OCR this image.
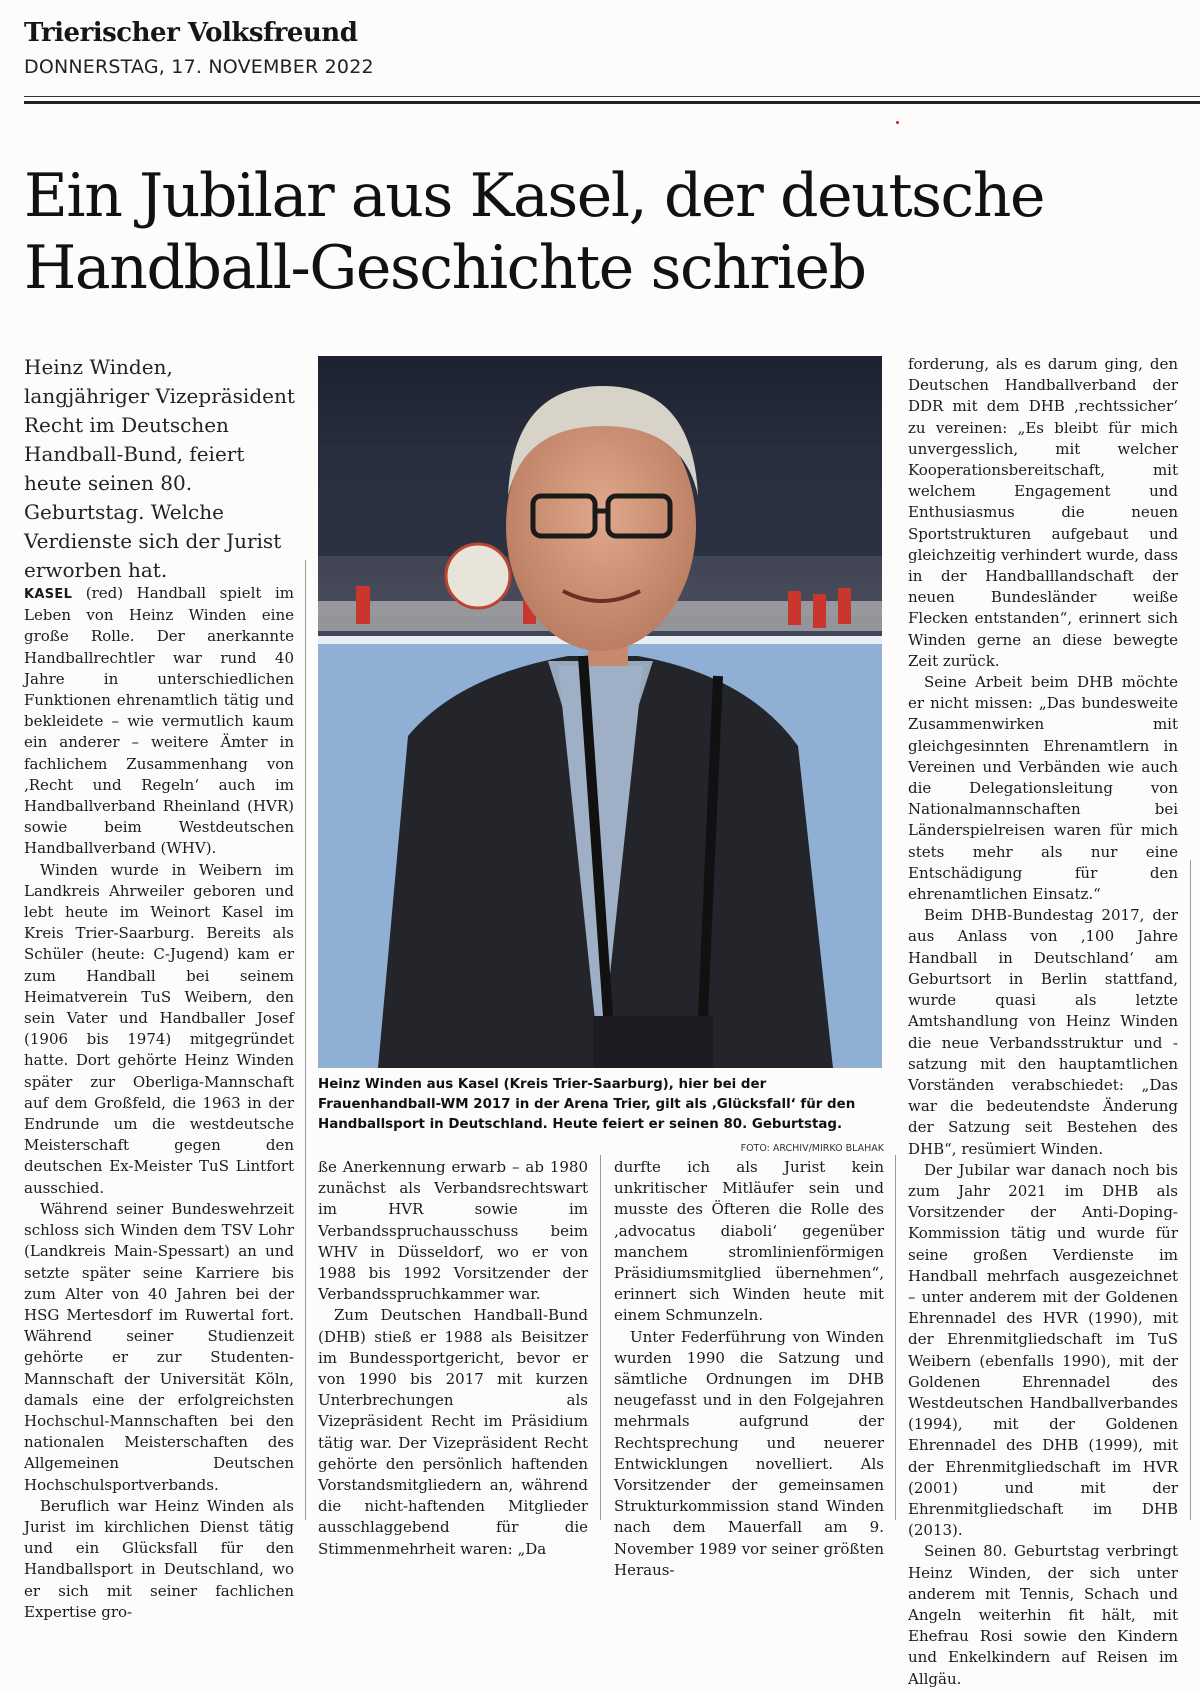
Trierischer Volksfreund
DONNERSTAG, 17. NOVEMBER 2022
Ein Jubilar aus Kasel, der deutsche Handball-Geschichte schrieb

Heinz Winden, langjähriger Vizepräsident Recht im Deutschen Handball-Bund, feiert heute seinen 80. Geburtstag. Welche Verdienste sich der Jurist erworben hat.

KASEL (red) Handball spielt im Leben von Heinz Winden eine große Rolle. Der anerkannte Handballrechtler war rund 40 Jahre in unterschiedlichen Funktionen ehrenamtlich tätig und bekleidete – wie vermutlich kaum ein anderer – weitere Ämter in fachlichem Zusammenhang von ‚Recht und Regeln‘ auch im Handballverband Rheinland (HVR) sowie beim Westdeutschen Handballverband (WHV).

Winden wurde in Weibern im Landkreis Ahrweiler geboren und lebt heute im Weinort Kasel im Kreis Trier-Saarburg. Bereits als Schüler (heute: C-Jugend) kam er zum Handball bei seinem Heimatverein TuS Weibern, den sein Vater und Handballer Josef (1906 bis 1974) mitgegründet hatte. Dort gehörte Heinz Winden später zur Oberliga-Mannschaft auf dem Großfeld, die 1963 in der Endrunde um die westdeutsche Meisterschaft gegen den deutschen Ex-Meister TuS Lintfort ausschied.

Während seiner Bundeswehrzeit schloss sich Winden dem TSV Lohr (Landkreis Main-Spessart) an und setzte später seine Karriere bis zum Alter von 40 Jahren bei der HSG Mertesdorf im Ruwertal fort. Während seiner Studienzeit gehörte er zur Studenten-Mannschaft der Universität Köln, damals eine der erfolgreichsten Hochschul-Mannschaften bei den nationalen Meisterschaften des Allgemeinen Deutschen Hochschulsportverbands.

Beruflich war Heinz Winden als Jurist im kirchlichen Dienst tätig und ein Glücksfall für den Handballsport in Deutschland, wo er sich mit seiner fachlichen Expertise gro-

Heinz Winden aus Kasel (Kreis Trier-Saarburg), hier bei der Frauenhandball-WM 2017 in der Arena Trier, gilt als ‚Glücksfall‘ für den Handballsport in Deutschland. Heute feiert er seinen 80. Geburtstag.
FOTO: ARCHIV/MIRKO BLAHAK

ße Anerkennung erwarb – ab 1980 zunächst als Verbandsrechtswart im HVR sowie im Verbandsspruchausschuss beim WHV in Düsseldorf, wo er von 1988 bis 1992 Vorsitzender der Verbandsspruchkammer war.

Zum Deutschen Handball-Bund (DHB) stieß er 1988 als Beisitzer im Bundessportgericht, bevor er von 1990 bis 2017 mit kurzen Unterbrechungen als Vizepräsident Recht im Präsidium tätig war. Der Vizepräsident Recht gehörte den persönlich haftenden Vorstandsmitgliedern an, während die nicht-haftenden Mitglieder ausschlaggebend für die Stimmenmehrheit waren: „Da

durfte ich als Jurist kein unkritischer Mitläufer sein und musste des Öfteren die Rolle des ‚advocatus diaboli‘ gegenüber manchem stromlinienförmigen Präsidiumsmitglied übernehmen“, erinnert sich Winden heute mit einem Schmunzeln.

Unter Federführung von Winden wurden 1990 die Satzung und sämtliche Ordnungen im DHB neugefasst und in den Folgejahren mehrmals aufgrund der Rechtsprechung und neuerer Entwicklungen novelliert. Als Vorsitzender der gemeinsamen Strukturkommission stand Winden nach dem Mauerfall am 9. November 1989 vor seiner größten Heraus-

forderung, als es darum ging, den Deutschen Handballverband der DDR mit dem DHB ‚rechtssicher‘ zu vereinen: „Es bleibt für mich unvergesslich, mit welcher Kooperationsbereitschaft, mit welchem Engagement und Enthusiasmus die neuen Sportstrukturen aufgebaut und gleichzeitig verhindert wurde, dass in der Handballlandschaft der neuen Bundesländer weiße Flecken entstanden“, erinnert sich Winden gerne an diese bewegte Zeit zurück.

Seine Arbeit beim DHB möchte er nicht missen: „Das bundesweite Zusammenwirken mit gleichgesinnten Ehrenamtlern in Vereinen und Verbänden wie auch die Delegationsleitung von Nationalmannschaften bei Länderspielreisen waren für mich stets mehr als nur eine Entschädigung für den ehrenamtlichen Einsatz.“

Beim DHB-Bundestag 2017, der aus Anlass von ‚100 Jahre Handball in Deutschland‘ am Geburtsort in Berlin stattfand, wurde quasi als letzte Amtshandlung von Heinz Winden die neue Verbandsstruktur und -satzung mit den hauptamtlichen Vorständen verabschiedet: „Das war die bedeutendste Änderung der Satzung seit Bestehen des DHB“, resümiert Winden.

Der Jubilar war danach noch bis zum Jahr 2021 im DHB als Vorsitzender der Anti-Doping-Kommission tätig und wurde für seine großen Verdienste im Handball mehrfach ausgezeichnet – unter anderem mit der Goldenen Ehrennadel des HVR (1990), mit der Ehrenmitgliedschaft im TuS Weibern (ebenfalls 1990), mit der Goldenen Ehrennadel des Westdeutschen Handballverbandes (1994), mit der Goldenen Ehrennadel des DHB (1999), mit der Ehrenmitgliedschaft im HVR (2001) und mit der Ehrenmitgliedschaft im DHB (2013).

Seinen 80. Geburtstag verbringt Heinz Winden, der sich unter anderem mit Tennis, Schach und Angeln weiterhin fit hält, mit Ehefrau Rosi sowie den Kindern und Enkelkindern auf Reisen im Allgäu.
